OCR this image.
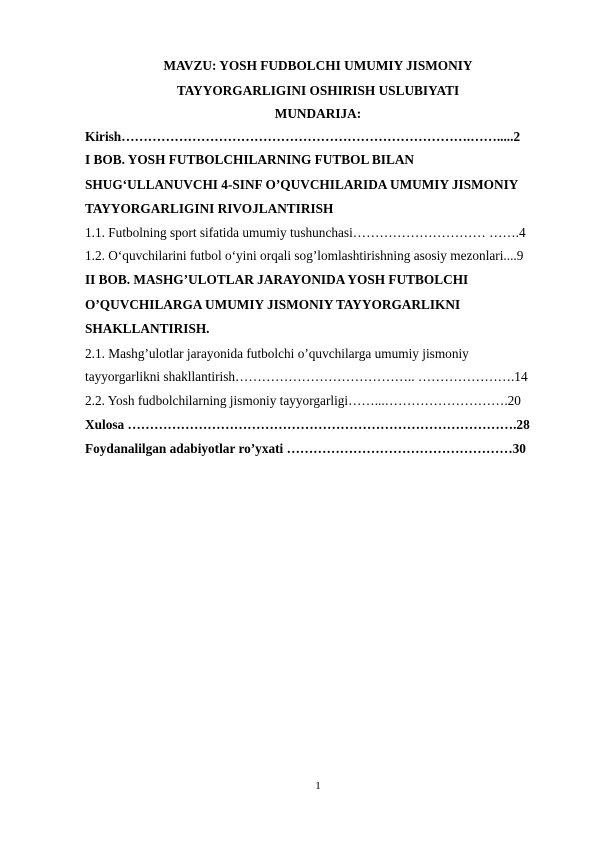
MAVZU: YOSH FUDBOLCHI UMUMIY JISMONIY
TAYYORGARLIGINI OSHIRISH USLUBIYATI
MUNDARIJA:
Kirish…………………………………………………………………….…….....2
I BOB. YOSH FUTBOLCHILARNING FUTBOL BILAN
SHUG‘ULLANUVCHI 4-SINF O’QUVCHILARIDA UMUMIY JISMONIY
TAYYORGARLIGINI RIVOJLANTIRISH
1.1. Futbolning sport sifatida umumiy tushunchasi………………………… …….4
1.2. O‘quvchilarini futbol o‘yini orqali sog’lomlashtirishning asosiy mezonlari....9
II BOB. MASHG’ULOTLAR JARAYONIDA YOSH FUTBOLCHI
O’QUVCHILARGA UMUMIY JISMONIY TAYYORGARLIKNI
SHAKLLANTIRISH.
2.1. Mashg’ulotlar jarayonida futbolchi o’quvchilarga umumiy jismoniy
tayyorgarlikni shakllantirish………………………………….. ………………….14
2.2. Yosh fudbolchilarning jismoniy tayyorgarligi……...……………………….20
Xulosa …………………………………………………………………………….28
Foydanalilgan adabiyotlar ro’yxati ……………………………………………30
1
